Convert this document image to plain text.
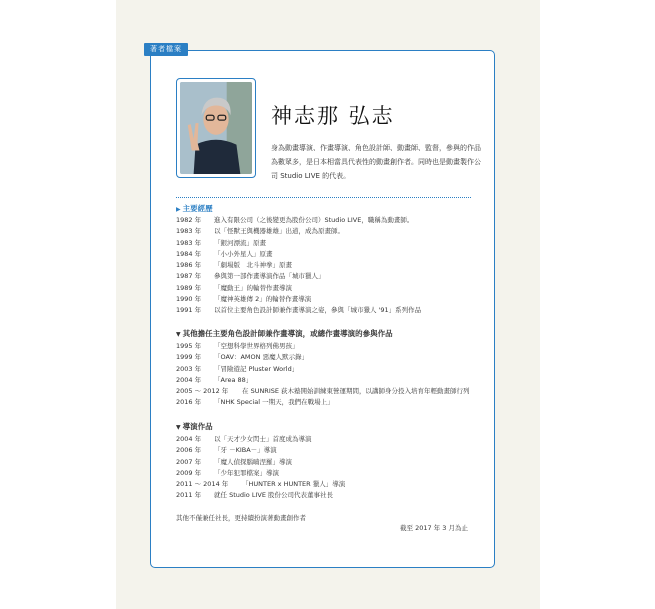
著者檔案
神志那 弘志
身為動畫導演、作畫導演、角色設計師、動畫師、監督，參與的作品為數眾多，是日本相當具代表性的動畫創作者。同時也是動畫製作公司 Studio LIVE 的代表。
▶ 主要經歷
1982 年 進入有限公司（之後變更為股份公司）Studio LIVE，職稱為動畫師。
1983 年 以「怪獸王與機器雄雄」出道，成為原畫師。
1983 年 「銀河漂流」原畫
1984 年 「小小外星人」原畫
1986 年 「劇場版　北斗神拳」原畫
1987 年 參與第一部作畫導演作品「城市獵人」
1989 年 「魔動王」的輪替作畫導演
1990 年 「魔神英雄傳 2」的輪替作畫導演
1991 年 以首位主要角色設計師兼作畫導演之姿，參與「城市獵人 '91」系列作品
▼ 其他擔任主要角色設計師兼作畫導演，或總作畫導演的參與作品
1995 年 「空想科學世界格列佛男孩」
1999 年 「OAV：AMON 惡魔人默示錄」
2003 年 「冒險遊記 Pluster World」
2004 年 「Area 88」
2005 ～ 2012 年 在 SUNRISE 荻木塾開始訓練東營運期間，以講師身分投入培育年輕動畫師行列
2016 年 「NHK Special 一期天，我們在戰場上」
▼ 導演作品
2004 年 以「天才少女閃士」首度成為導演
2006 年 「牙 －KIBA－」導演
2007 年 「魔人偵探腦嚙涅羅」導演
2009 年 「少年犯罪檔案」導演
2011 ～ 2014 年 「HUNTER x HUNTER 獵人」導演
2011 年 就任 Studio LIVE 股份公司代表董事社長
其他不僅兼任社長，更持續扮演著動畫創作者
截至 2017 年 3 月為止
